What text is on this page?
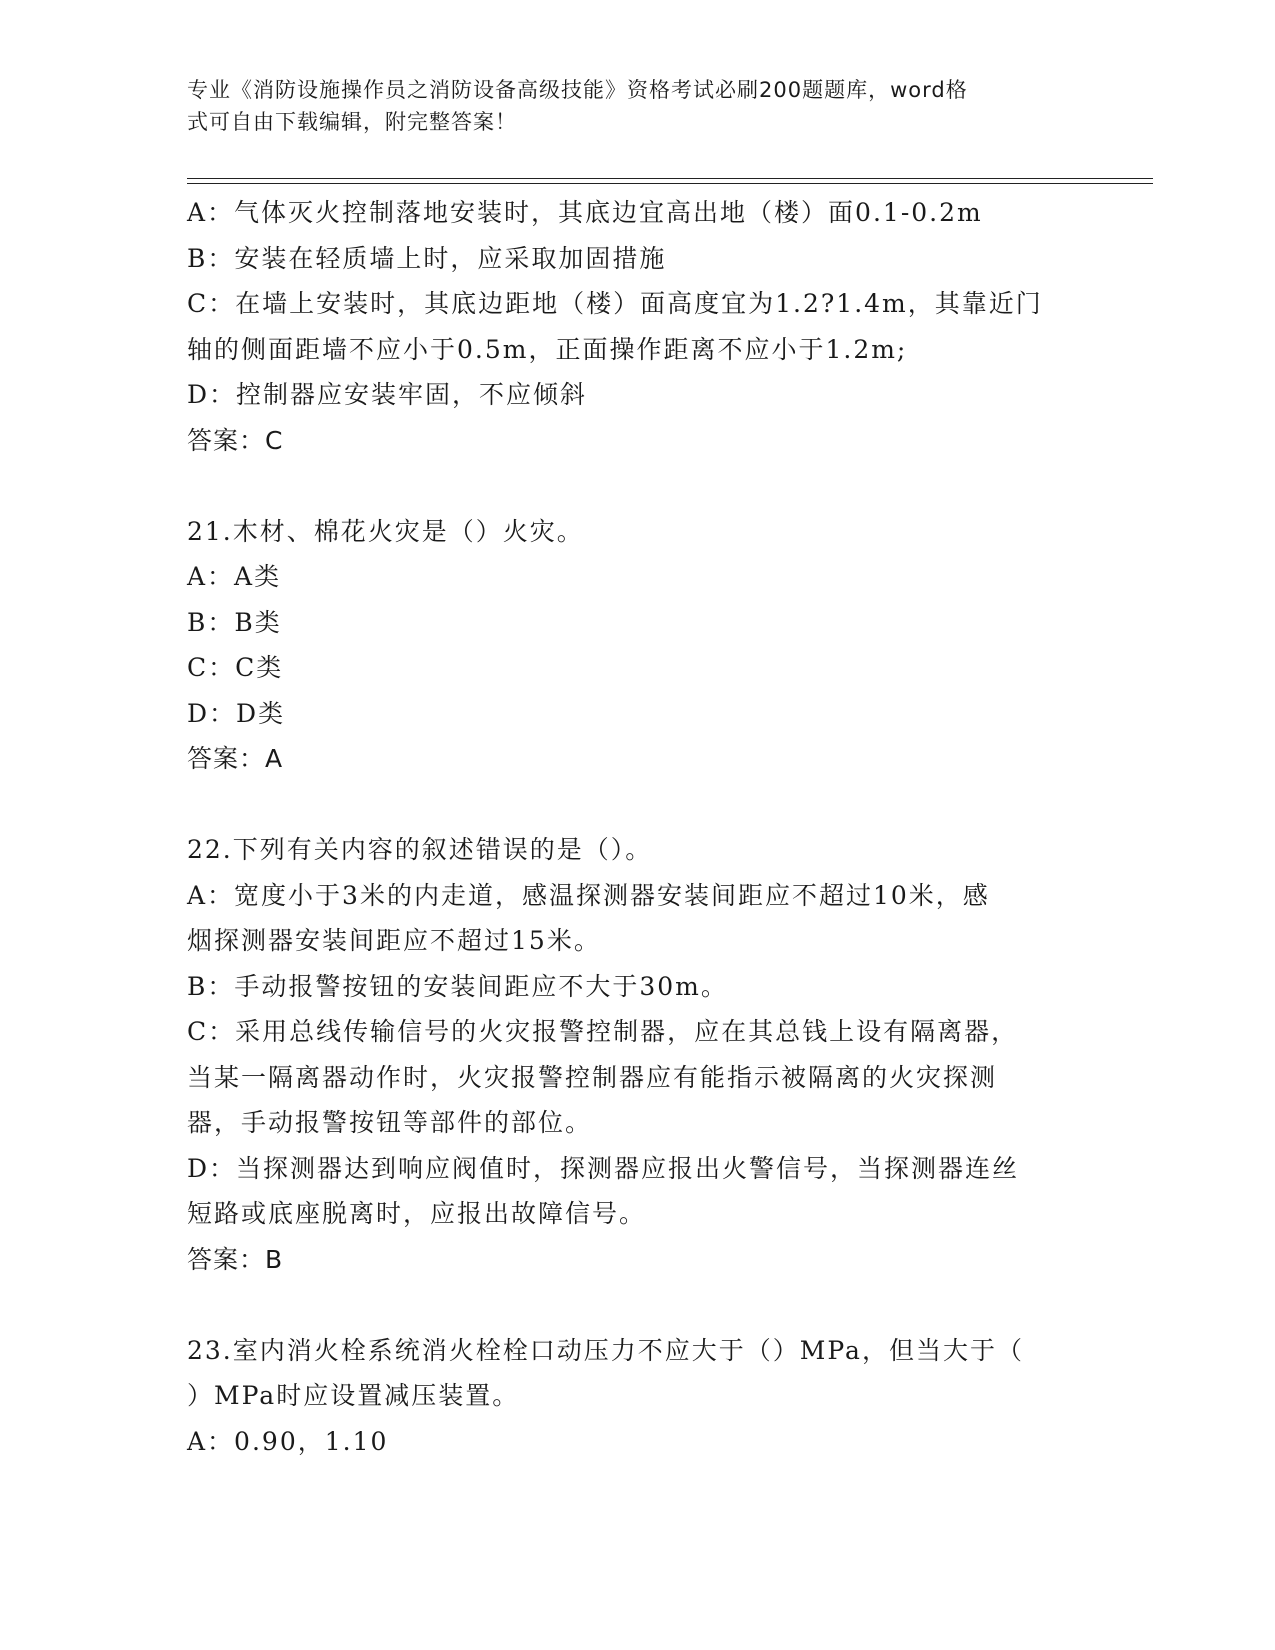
专业《消防设施操作员之消防设备高级技能》资格考试必刷200题题库，word格
式可自由下载编辑，附完整答案！
A：气体灭火控制落地安装时，其底边宜高出地（楼）面0.1-0.2m
B：安装在轻质墙上时，应采取加固措施
C：在墙上安装时，其底边距地（楼）面高度宜为1.2?1.4m，其靠近门
轴的侧面距墙不应小于0.5m，正面操作距离不应小于1.2m;
D：控制器应安装牢固，不应倾斜
答案：C
21.木材、棉花火灾是（）火灾。
A：A类
B：B类
C：C类
D：D类
答案：A
22.下列有关内容的叙述错误的是（）。
A：宽度小于3米的内走道，感温探测器安装间距应不超过10米，感
烟探测器安装间距应不超过15米。
B：手动报警按钮的安装间距应不大于30m。
C：采用总线传输信号的火灾报警控制器，应在其总钱上设有隔离器，
当某一隔离器动作时，火灾报警控制器应有能指示被隔离的火灾探测
器，手动报警按钮等部件的部位。
D：当探测器达到响应阀值时，探测器应报出火警信号，当探测器连丝
短路或底座脱离时，应报出故障信号。
答案：B
23.室内消火栓系统消火栓栓口动压力不应大于（）MPa，但当大于（
）MPa时应设置减压装置。
A：0.90，1.10
